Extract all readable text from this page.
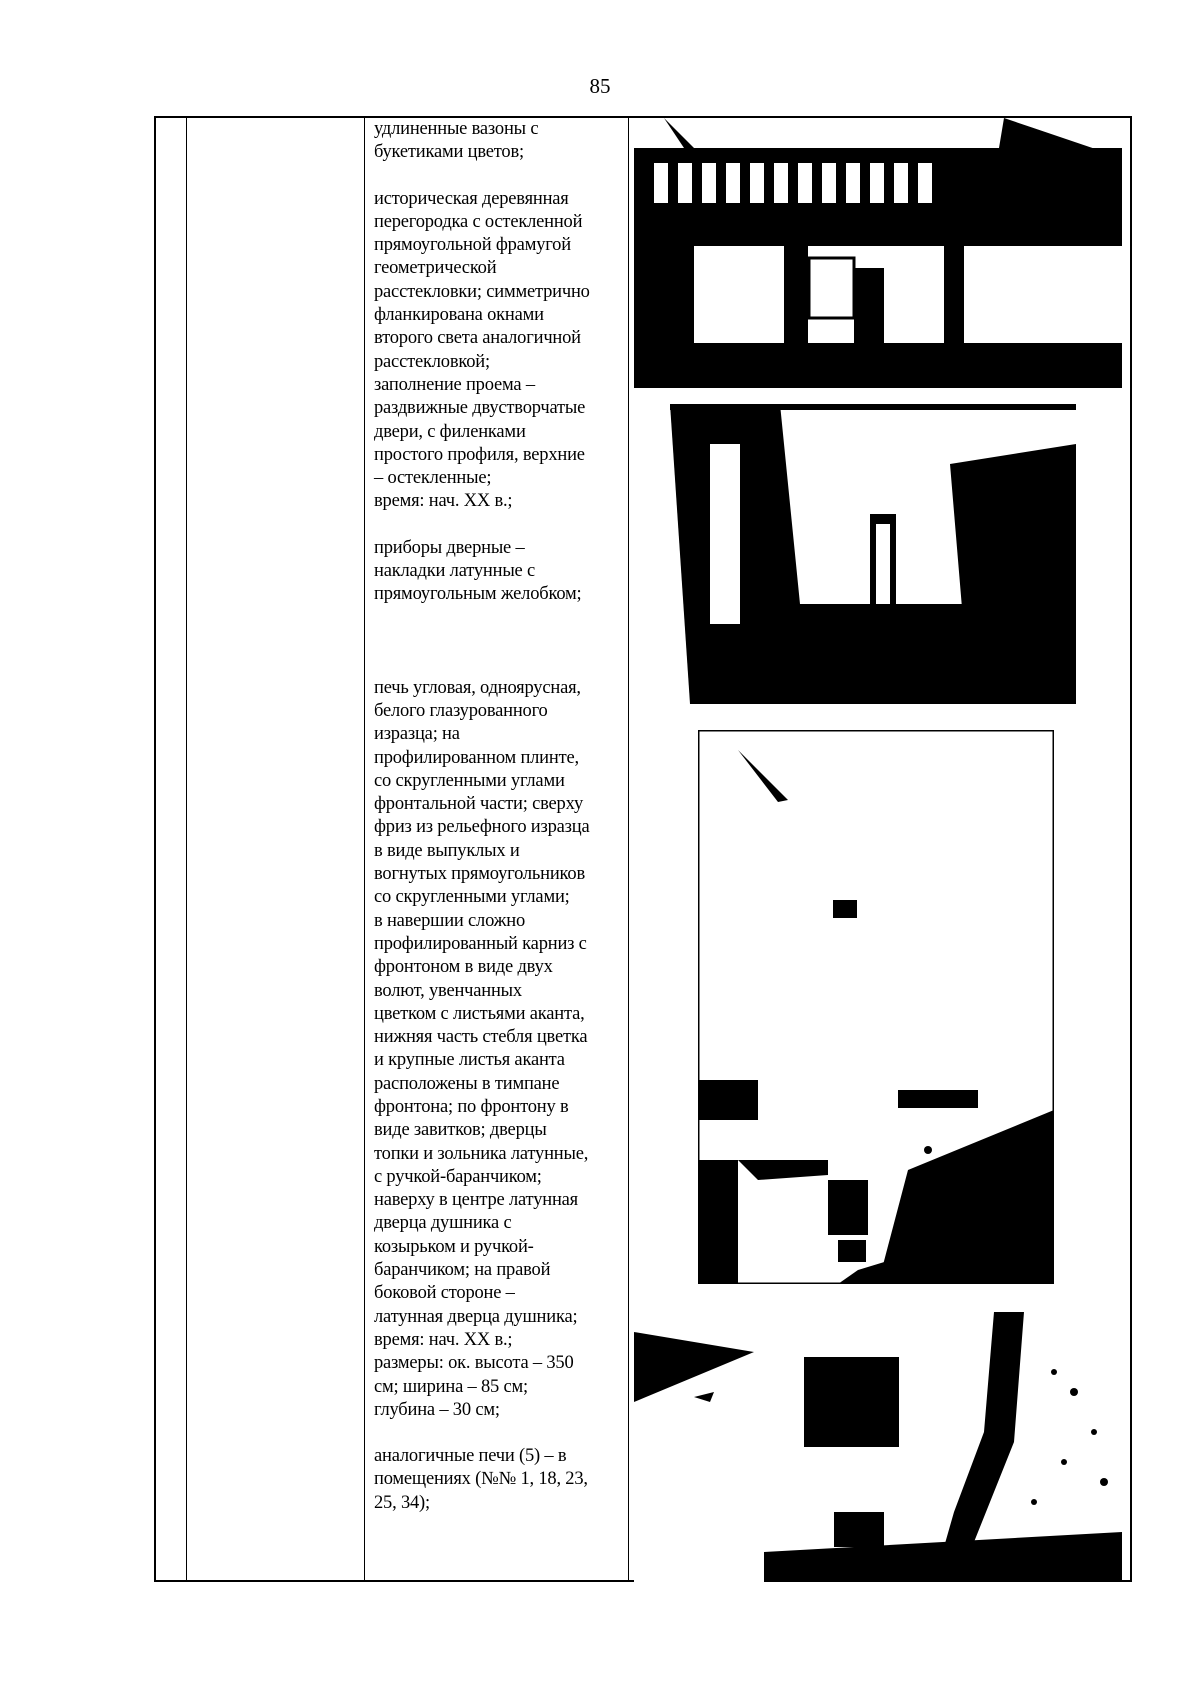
85

удлиненные вазоны с
букетиками цветов;

историческая деревянная
перегородка с остекленной
прямоугольной фрамугой
геометрической
расстекловки; симметрично
фланкирована окнами
второго света аналогичной
расстекловкой;
заполнение проема –
раздвижные двустворчатые
двери, с филенками
простого профиля, верхние
– остекленные;
время: нач. XX в.;

приборы дверные –
накладки латунные с
прямоугольным желобком;

печь угловая, одноярусная,
белого глазурованного
изразца; на
профилированном плинте,
со скругленными углами
фронтальной части; сверху
фриз из рельефного изразца
в виде выпуклых и
вогнутых прямоугольников
со скругленными углами;
в навершии сложно
профилированный карниз с
фронтоном в виде двух
волют, увенчанных
цветком с листьями аканта,
нижняя часть стебля цветка
и крупные листья аканта
расположены в тимпане
фронтона; по фронтону в
виде завитков; дверцы
топки и зольника латунные,
с ручкой-баранчиком;
наверху в центре латунная
дверца душника с
козырьком и ручкой-
баранчиком; на правой
боковой стороне –
латунная дверца душника;
время: нач. XX в.;
размеры: ок. высота – 350
см; ширина – 85 см;
глубина – 30 см;

аналогичные печи (5) – в
помещениях (№№ 1, 18, 23,
25, 34);
